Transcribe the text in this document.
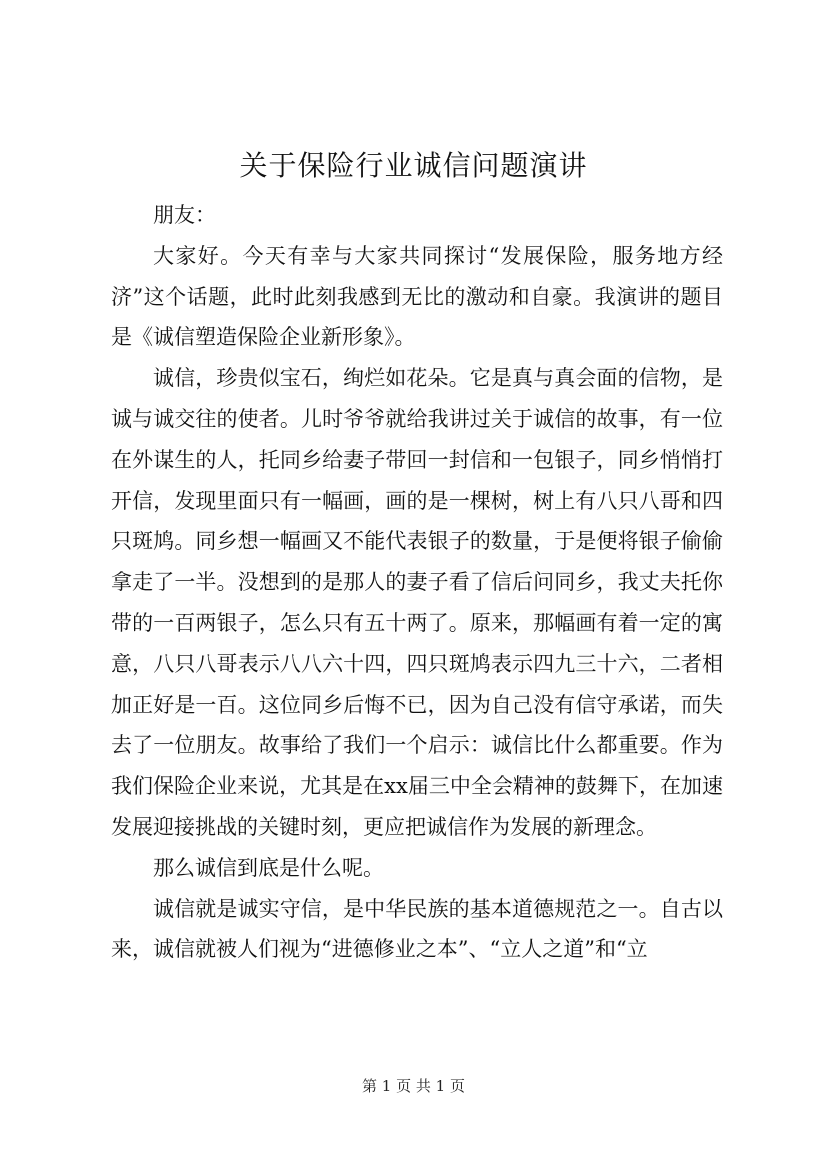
关于保险行业诚信问题演讲

朋友：

大家好。今天有幸与大家共同探讨“发展保险，服务地方经济”这个话题，此时此刻我感到无比的激动和自豪。我演讲的题目是《诚信塑造保险企业新形象》。

诚信，珍贵似宝石，绚烂如花朵。它是真与真会面的信物，是诚与诚交往的使者。儿时爷爷就给我讲过关于诚信的故事，有一位在外谋生的人，托同乡给妻子带回一封信和一包银子，同乡悄悄打开信，发现里面只有一幅画，画的是一棵树，树上有八只八哥和四只斑鸠。同乡想一幅画又不能代表银子的数量，于是便将银子偷偷拿走了一半。没想到的是那人的妻子看了信后问同乡，我丈夫托你带的一百两银子，怎么只有五十两了。原来，那幅画有着一定的寓意，八只八哥表示八八六十四，四只斑鸠表示四九三十六，二者相加正好是一百。这位同乡后悔不已，因为自己没有信守承诺，而失去了一位朋友。故事给了我们一个启示：诚信比什么都重要。作为我们保险企业来说，尤其是在xx届三中全会精神的鼓舞下，在加速发展迎接挑战的关键时刻，更应把诚信作为发展的新理念。

那么诚信到底是什么呢。

诚信就是诚实守信，是中华民族的基本道德规范之一。自古以来，诚信就被人们视为“进德修业之本”、“立人之道”和“立

第 1 页 共 1 页
